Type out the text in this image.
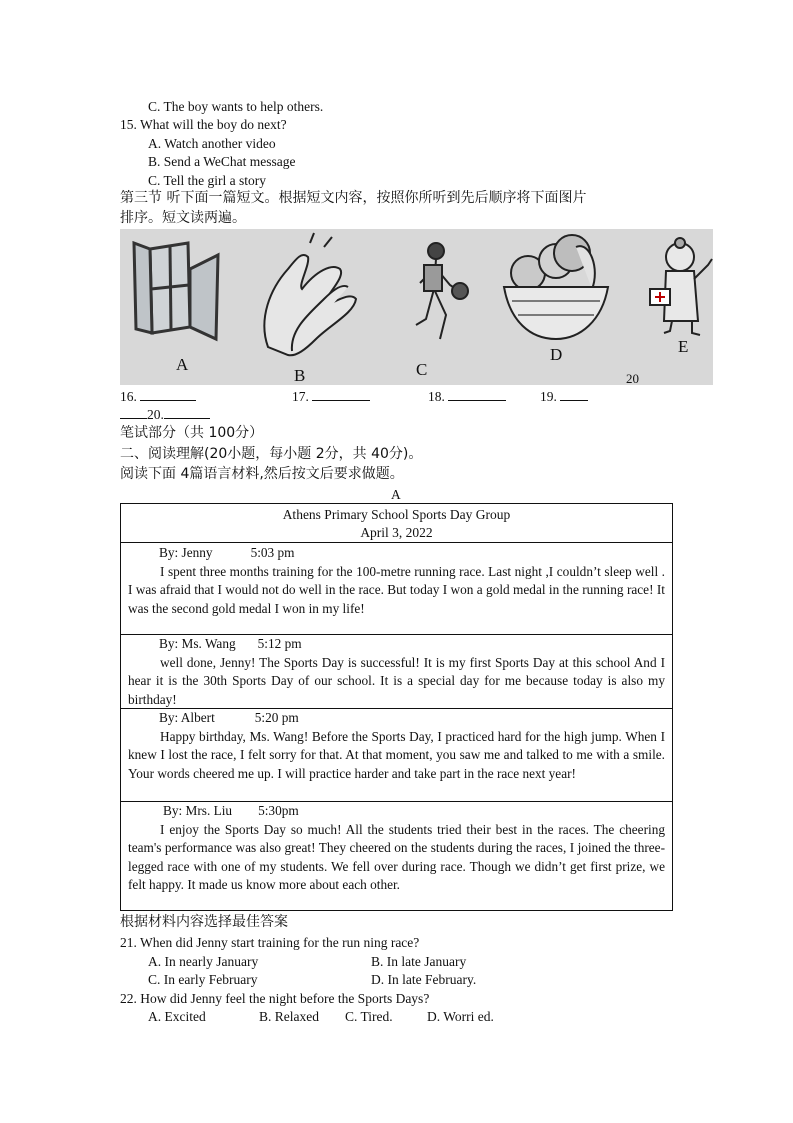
C. The boy wants to help others.
15. What will the boy do next?
A. Watch another video
B. Send a WeChat message
C. Tell the girl a story
第三节 听下面一篇短文。根据短文内容，按照你所听到先后顺序将下面图片
排序。短文读两遍。
A
B	C
D	E
20
16.	17.	18.	19.
20.
笔试部分（共 100分）
二、阅读理解(20小题，每小题 2分，共 40分)。
阅读下面 4篇语言材料,然后按文后要求做题。
A
Athens Primary School Sports Day Group
April 3, 2022

By: Jenny	5:03 pm

I spent three months training for the 100-metre running race. Last night ,I couldn’t sleep well . I was afraid that I would not do well in the race. But today I won a gold medal in the running race! It was the second gold medal I won in my life!

By: Ms. Wang 5:12 pm

well done, Jenny! The Sports Day is successful! It is my first Sports Day at this school And I hear it is the 30th Sports Day of our school. It is a special day for me because today is also my birthday!

By: Albert	5:20 pm

Happy birthday, Ms. Wang! Before the Sports Day, I practiced hard for the high jump. When I knew I lost the race, I felt sorry for that. At that moment, you saw me and talked to me with a smile. Your words cheered me up. I will practice harder and take part in the race next year!

By: Mrs. Liu 5:30pm

I enjoy the Sports Day so much! All the students tried their best in the races. The cheering team's performance was also great! They cheered on the students during the races, I joined the three-legged race with one of my students. We fell over during race. Though we didn’t get first prize, we felt happy. It made us know more about each other.

根据材料内容选择最佳答案
21. When did Jenny start training for the run ning race?
A. In nearly January	B. In late January
C. In early February	D. In late February.
22. How did Jenny feel the night before the Sports Days?
A. Excited	B. Relaxed C. Tired.	D. Worri ed.
